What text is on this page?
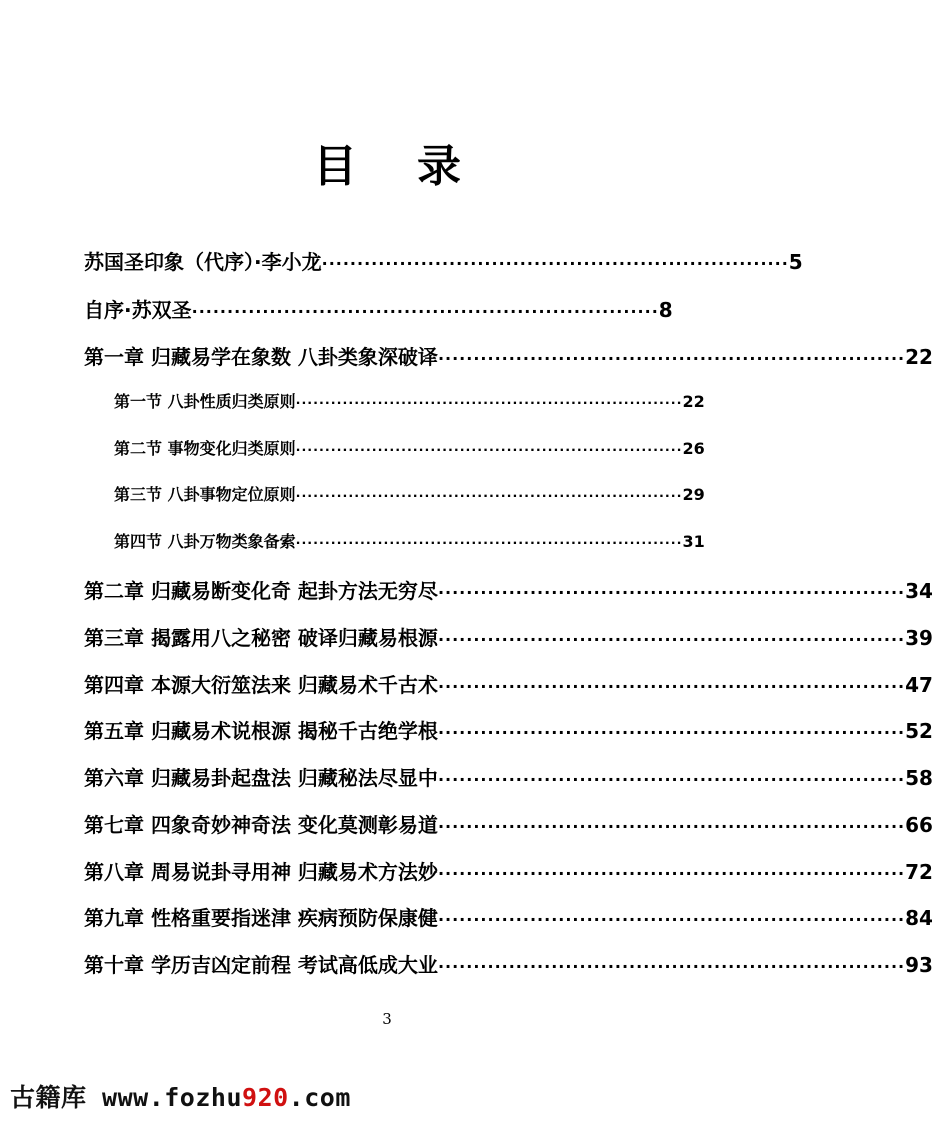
目 录
苏国圣印象（代序）·李小龙 ·································································· 5
自序·苏双圣 ·································································· 8
第一章 归藏易学在象数 八卦类象深破译 ·································································· 22
第一节 八卦性质归类原则 ·································································· 22
第二节 事物变化归类原则 ·································································· 26
第三节 八卦事物定位原则 ·································································· 29
第四节 八卦万物类象备索 ·································································· 31
第二章 归藏易断变化奇 起卦方法无穷尽 ·································································· 34
第三章 揭露用八之秘密 破译归藏易根源 ·································································· 39
第四章 本源大衍筮法来 归藏易术千古术 ·································································· 47
第五章 归藏易术说根源 揭秘千古绝学根 ·································································· 52
第六章 归藏易卦起盘法 归藏秘法尽显中 ·································································· 58
第七章 四象奇妙神奇法 变化莫测彰易道 ·································································· 66
第八章 周易说卦寻用神 归藏易术方法妙 ·································································· 72
第九章 性格重要指迷津 疾病预防保康健 ·································································· 84
第十章 学历吉凶定前程 考试高低成大业 ·································································· 93
3
古籍库 www.fozhu920.com
